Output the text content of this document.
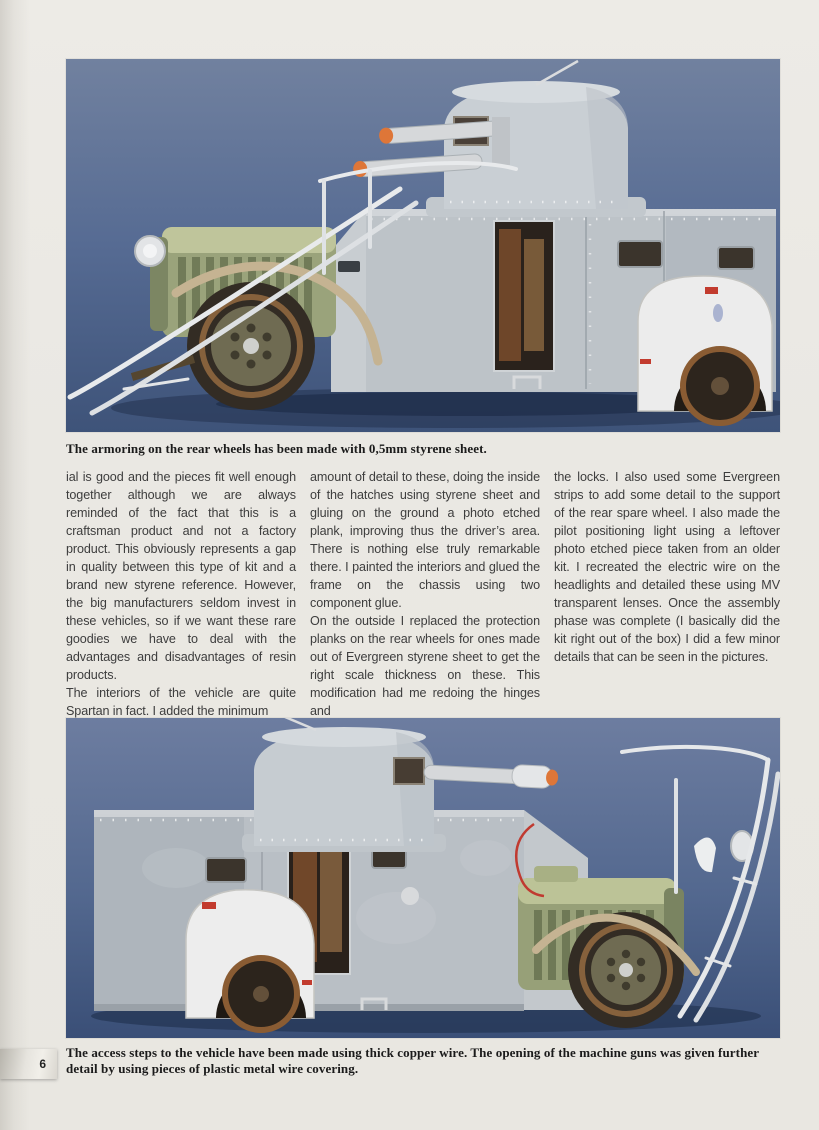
The armoring on the rear wheels has been made with 0,5mm styrene sheet.

ial is good and the pieces fit well enough together although we are always reminded of the fact that this is a craftsman product and not a factory product. This obviously represents a gap in quality between this type of kit and a brand new styrene reference. However, the big manufacturers seldom invest in these vehicles, so if we want these rare goodies we have to deal with the advantages and disadvantages of resin products.

The interiors of the vehicle are quite Spartan in fact. I added the minimum

amount of detail to these, doing the inside of the hatches using styrene sheet and gluing on the ground a photo etched plank, improving thus the driver’s area. There is nothing else truly remarkable there. I painted the interiors and glued the frame on the chassis using two component glue.

On the outside I replaced the protection planks on the rear wheels for ones made out of Evergreen styrene sheet to get the right scale thickness on these. This modification had me redoing the hinges and

the locks. I also used some Evergreen strips to add some detail to the support of the rear spare wheel. I also made the pilot positioning light using a leftover photo etched piece taken from an older kit. I recreated the electric wire on the headlights and detailed these using MV transparent lenses. Once the assembly phase was complete (I basically did the kit right out of the box) I did a few minor details that can be seen in the pictures.

The access steps to the vehicle have been made using thick copper wire. The opening of the machine guns was given further detail by using pieces of plastic metal wire covering.

6
